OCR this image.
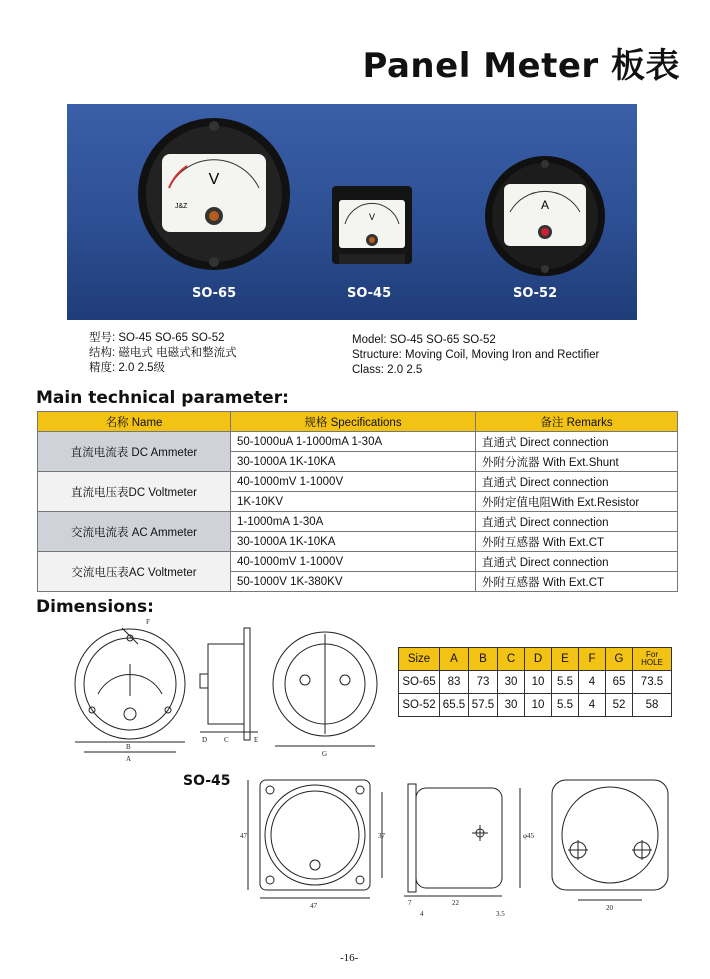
Panel Meter 板表
V
J&Z
V
A
SO-65	SO-45	SO-52
型号: SO-45 SO-65 SO-52
结构: 磁电式 电磁式和整流式
精度: 2.0 2.5级
Model: SO-45 SO-65 SO-52
Structure: Moving Coil, Moving Iron and Rectifier
Class: 2.0 2.5
Main technical parameter:
名称 Name	规格 Specifications	备注 Remarks
直流电流表 DC Ammeter	50-1000uA 1-1000mA 1-30A	直通式 Direct connection
	30-1000A 1K-10KA	外附分流器 With Ext.Shunt
直流电压表DC Voltmeter	40-1000mV 1-1000V	直通式 Direct connection
	1K-10KV	外附定值电阻With Ext.Resistor
交流电流表 AC Ammeter	1-1000mA 1-30A	直通式 Direct connection
	30-1000A 1K-10KA	外附互感器 With Ext.CT
交流电压表AC Voltmeter	40-1000mV 1-1000V	直通式 Direct connection
	50-1000V 1K-380KV	外附互感器 With Ext.CT
Dimensions:
F
B
A
D C	E
G
Size	A	B	C	D	E	F	G	For
HOLE

SO-65	83	73	30	10	5.5	4	65	73.5
SO-52	65.5	57.5	30	10	5.5	4	52	58
SO-45
47
47	37	φ45
7	22
4	3.5
20
-16-
